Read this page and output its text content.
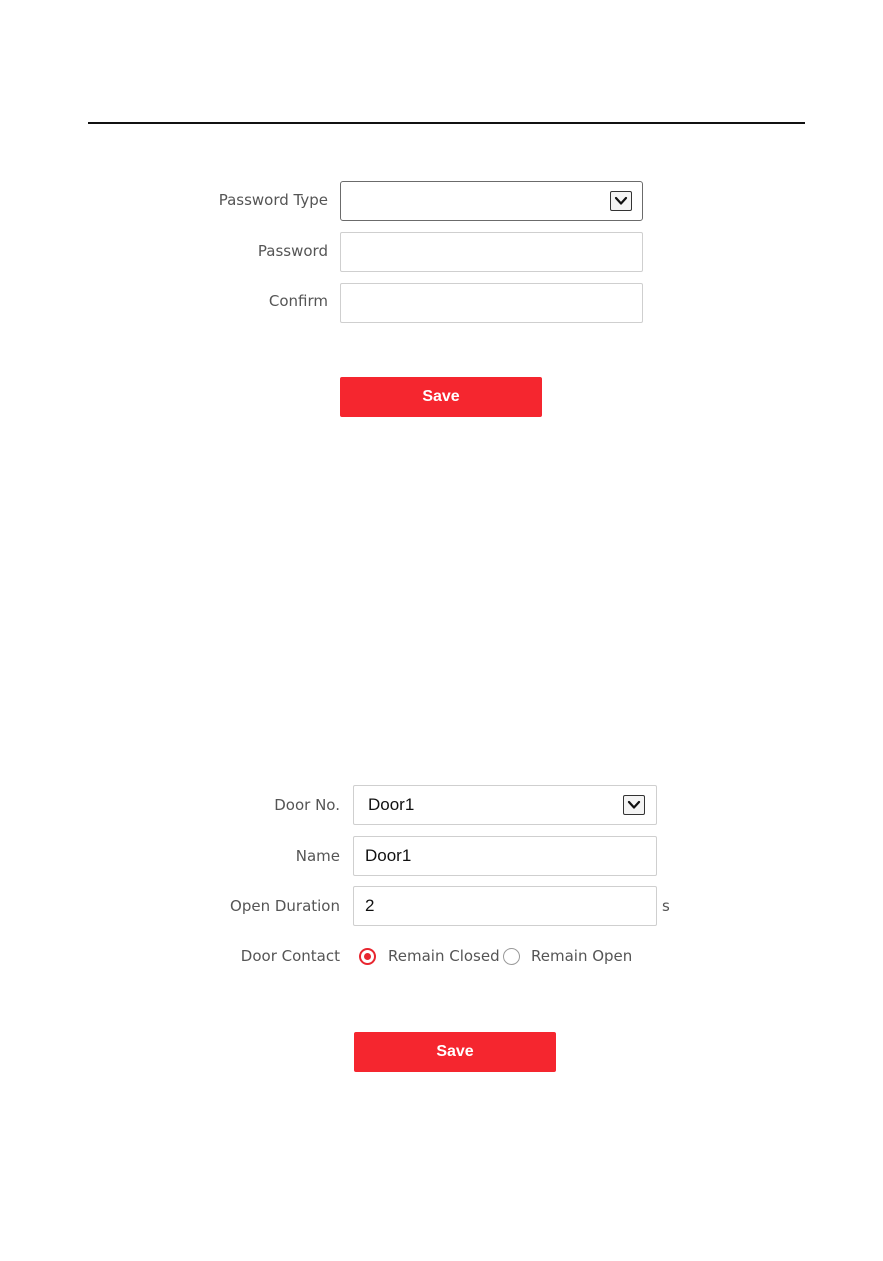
Password Type
Password
Confirm
Save
Door No. Door1
Name Door1
Open Duration 2	s
Door Contact	Remain Closed Remain Open
Save
